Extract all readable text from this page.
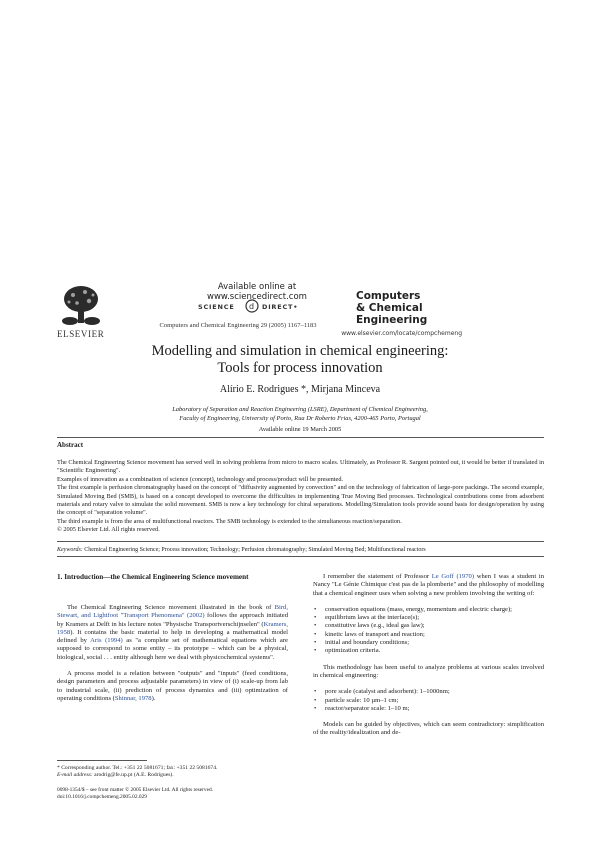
ELSEVIER
Available online at www.sciencedirect.com
SCIENCE d DIRECT•
Computers and Chemical Engineering 29 (2005) 1167–1183
Computers
& Chemical
Engineering
www.elsevier.com/locate/compchemeng
Modelling and simulation in chemical engineering:
Tools for process innovation
Alírio E. Rodrigues *, Mirjana Minceva
Laboratory of Separation and Reaction Engineering (LSRE), Department of Chemical Engineering,
Faculty of Engineering, University of Porto, Rua Dr Roberto Frias, 4200-465 Porto, Portugal
Available online 19 March 2005
Abstract

The Chemical Engineering Science movement has served well in solving problems from micro to macro scales. Ultimately, as Professor R. Sargent pointed out, it would be better if translated in "Scientific Engineering".

Examples of innovation as a combination of science (concept), technology and process/product will be presented.

The first example is perfusion chromatography based on the concept of "diffusivity augmented by convection" and on the technology of fabrication of large-pore packings. The second example, Simulated Moving Bed (SMB), is based on a concept developed to overcome the difficulties in implementing True Moving Bed processes. Technological contributions come from adsorbent materials and rotary valve to simulate the solid movement. SMB is now a key technology for chiral separations. Modelling/Simulation tools provide sound basis for design/operation by using the concept of "separation volume".

The third example is from the area of multifunctional reactors. The SMB technology is extended to the simultaneous reaction/separation.

© 2005 Elsevier Ltd. All rights reserved.

Keywords: Chemical Engineering Science; Process innovation; Technology; Perfusion chromatography; Simulated Moving Bed; Multifunctional reactors
1. Introduction—the Chemical Engineering Science movement

The Chemical Engineering Science movement illustrated in the book of Bird, Stewart, and Lightfoot "Transport Phenomena" (2002) follows the approach initiated by Kramers at Delft in his lecture notes "Physische Transportverschijnselen" (Kramers, 1958). It contains the basic material to help in developing a mathematical model defined by Aris (1994) as "a complete set of mathematical equations which are supposed to correspond to some entity – its prototype – which can be a physical, biological, social . . . entity although here we deal with physicochemical systems".

A process model is a relation between "outputs" and "inputs" (feed conditions, design parameters and process adjustable parameters) in view of (i) scale-up from lab to industrial scale, (ii) prediction of process dynamics and (iii) optimization of operating conditions (Shinnar, 1978).

* Corresponding author. Tel.: +351 22 5081671; fax: +351 22 5081674.
E-mail address: arodrig@fe.up.pt (A.E. Rodrigues).
0098-1354/$ – see front matter © 2005 Elsevier Ltd. All rights reserved.
doi:10.1016/j.compchemeng.2005.02.029

I remember the statement of Professor Le Goff (1970) when I was a student in Nancy "Le Génie Chimique c'est pas de la plomberie" and the philosophy of modelling that a chemical engineer uses when solving a new problem involving the writing of:

• conservation equations (mass, energy, momentum and electric charge);
• equilibrium laws at the interface(s);
• constitutive laws (e.g., ideal gas law);
• kinetic laws of transport and reaction;
• initial and boundary conditions;
• optimization criteria.

This methodology has been useful to analyze problems at various scales involved in chemical engineering:

• pore scale (catalyst and adsorbent): 1–1000nm;
• particle scale: 10 µm–1 cm;
• reactor/separator scale: 1–10 m;

Models can be guided by objectives, which can seem contradictory: simplification of the reality/idealization and de-
